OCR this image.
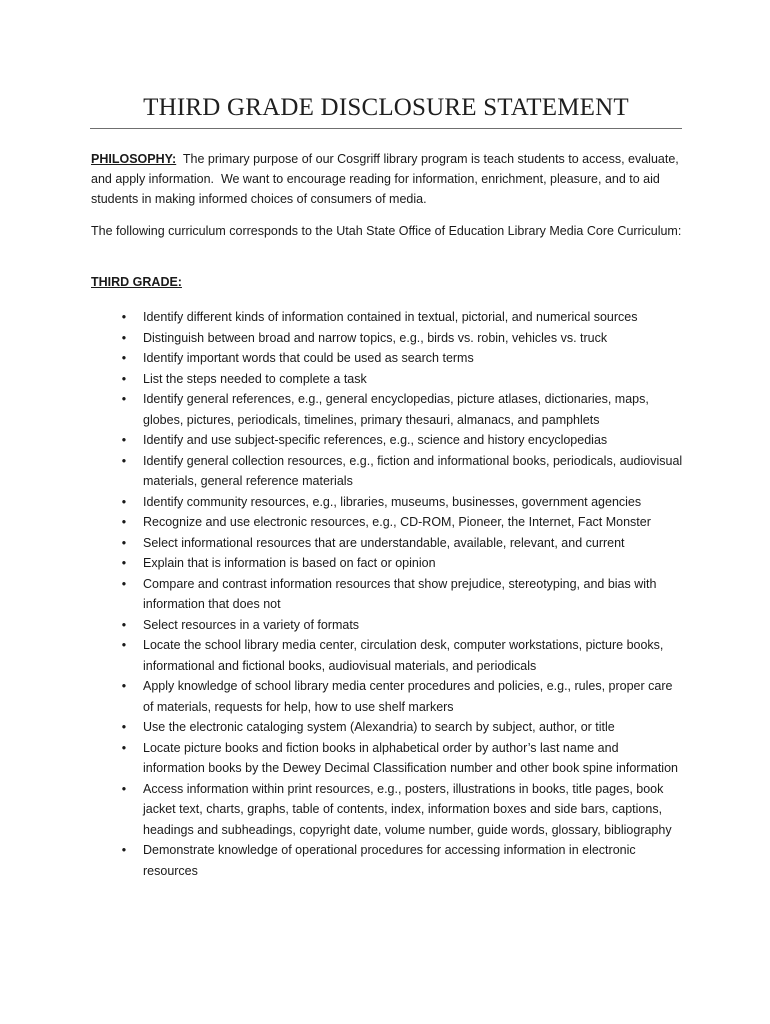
THIRD GRADE DISCLOSURE STATEMENT

PHILOSOPHY:  The primary purpose of our Cosgriff library program is teach students to access, evaluate, and apply information.  We want to encourage reading for information, enrichment, pleasure, and to aid students in making informed choices of consumers of media.

The following curriculum corresponds to the Utah State Office of Education Library Media Core Curriculum:

THIRD GRADE:

• Identify different kinds of information contained in textual, pictorial, and numerical sources
• Distinguish between broad and narrow topics, e.g., birds vs. robin, vehicles vs. truck
• Identify important words that could be used as search terms
• List the steps needed to complete a task
• Identify general references, e.g., general encyclopedias, picture atlases, dictionaries, maps, globes, pictures, periodicals, timelines, primary thesauri, almanacs, and pamphlets
• Identify and use subject-specific references, e.g., science and history encyclopedias
• Identify general collection resources, e.g., fiction and informational books, periodicals, audiovisual materials, general reference materials
• Identify community resources, e.g., libraries, museums, businesses, government agencies
• Recognize and use electronic resources, e.g., CD-ROM, Pioneer, the Internet, Fact Monster
• Select informational resources that are understandable, available, relevant, and current
• Explain that is information is based on fact or opinion
• Compare and contrast information resources that show prejudice, stereotyping, and bias with information that does not
• Select resources in a variety of formats
• Locate the school library media center, circulation desk, computer workstations, picture books, informational and fictional books, audiovisual materials, and periodicals
• Apply knowledge of school library media center procedures and policies, e.g., rules, proper care of materials, requests for help, how to use shelf markers
• Use the electronic cataloging system (Alexandria) to search by subject, author, or title
• Locate picture books and fiction books in alphabetical order by author’s last name and information books by the Dewey Decimal Classification number and other book spine information
• Access information within print resources, e.g., posters, illustrations in books, title pages, book jacket text, charts, graphs, table of contents, index, information boxes and side bars, captions, headings and subheadings, copyright date, volume number, guide words, glossary, bibliography
• Demonstrate knowledge of operational procedures for accessing information in electronic resources
